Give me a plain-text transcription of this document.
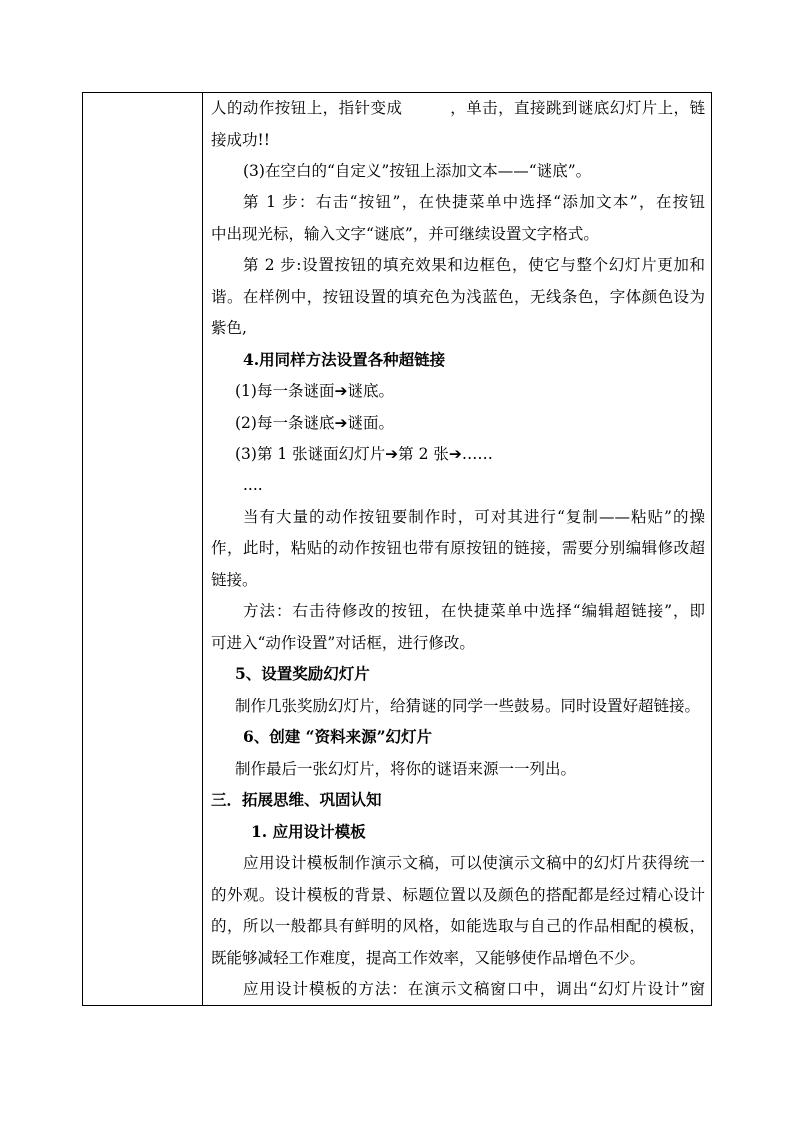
人的动作按钮上，指针变成　　　，单击，直接跳到谜底幻灯片上，链
接成功!!
(3)在空白的“自定义”按钮上添加文本——“谜底”。
第 1 步：右击“按钮”，在快捷菜单中选择“添加文本”，在按钮
中出现光标，输入文字“谜底”，并可继续设置文字格式。
第 2 步:设置按钮的填充效果和边框色，使它与整个幻灯片更加和
谐。在样例中，按钮设置的填充色为浅蓝色，无线条色，字体颜色设为
紫色,
4.用同样方法设置各种超链接
(1)每一条谜面➔谜底。
(2)每一条谜底➔谜面。
(3)第 1 张谜面幻灯片➔第 2 张➔……
....
当有大量的动作按钮要制作时，可对其进行“复制——粘贴”的操
作，此时，粘贴的动作按钮也带有原按钮的链接，需要分别编辑修改超
链接。
方法：右击待修改的按钮，在快捷菜单中选择“编辑超链接”，即
可进入“动作设置”对话框，进行修改。
5、设置奖励幻灯片
制作几张奖励幻灯片，给猜谜的同学一些鼓易。同时设置好超链接。
6、创建 “资料来源”幻灯片
制作最后一张幻灯片，将你的谜语来源一一列出。
三．拓展思维、巩固认知
1. 应用设计模板
应用设计模板制作演示文稿，可以使演示文稿中的幻灯片获得统一
的外观。设计模板的背景、标题位置以及颜色的搭配都是经过精心设计
的，所以一般都具有鲜明的风格，如能选取与自己的作品相配的模板，
既能够减轻工作难度，提高工作效率，又能够使作品增色不少。
应用设计模板的方法：在演示文稿窗口中，调出“幻灯片设计”窗
